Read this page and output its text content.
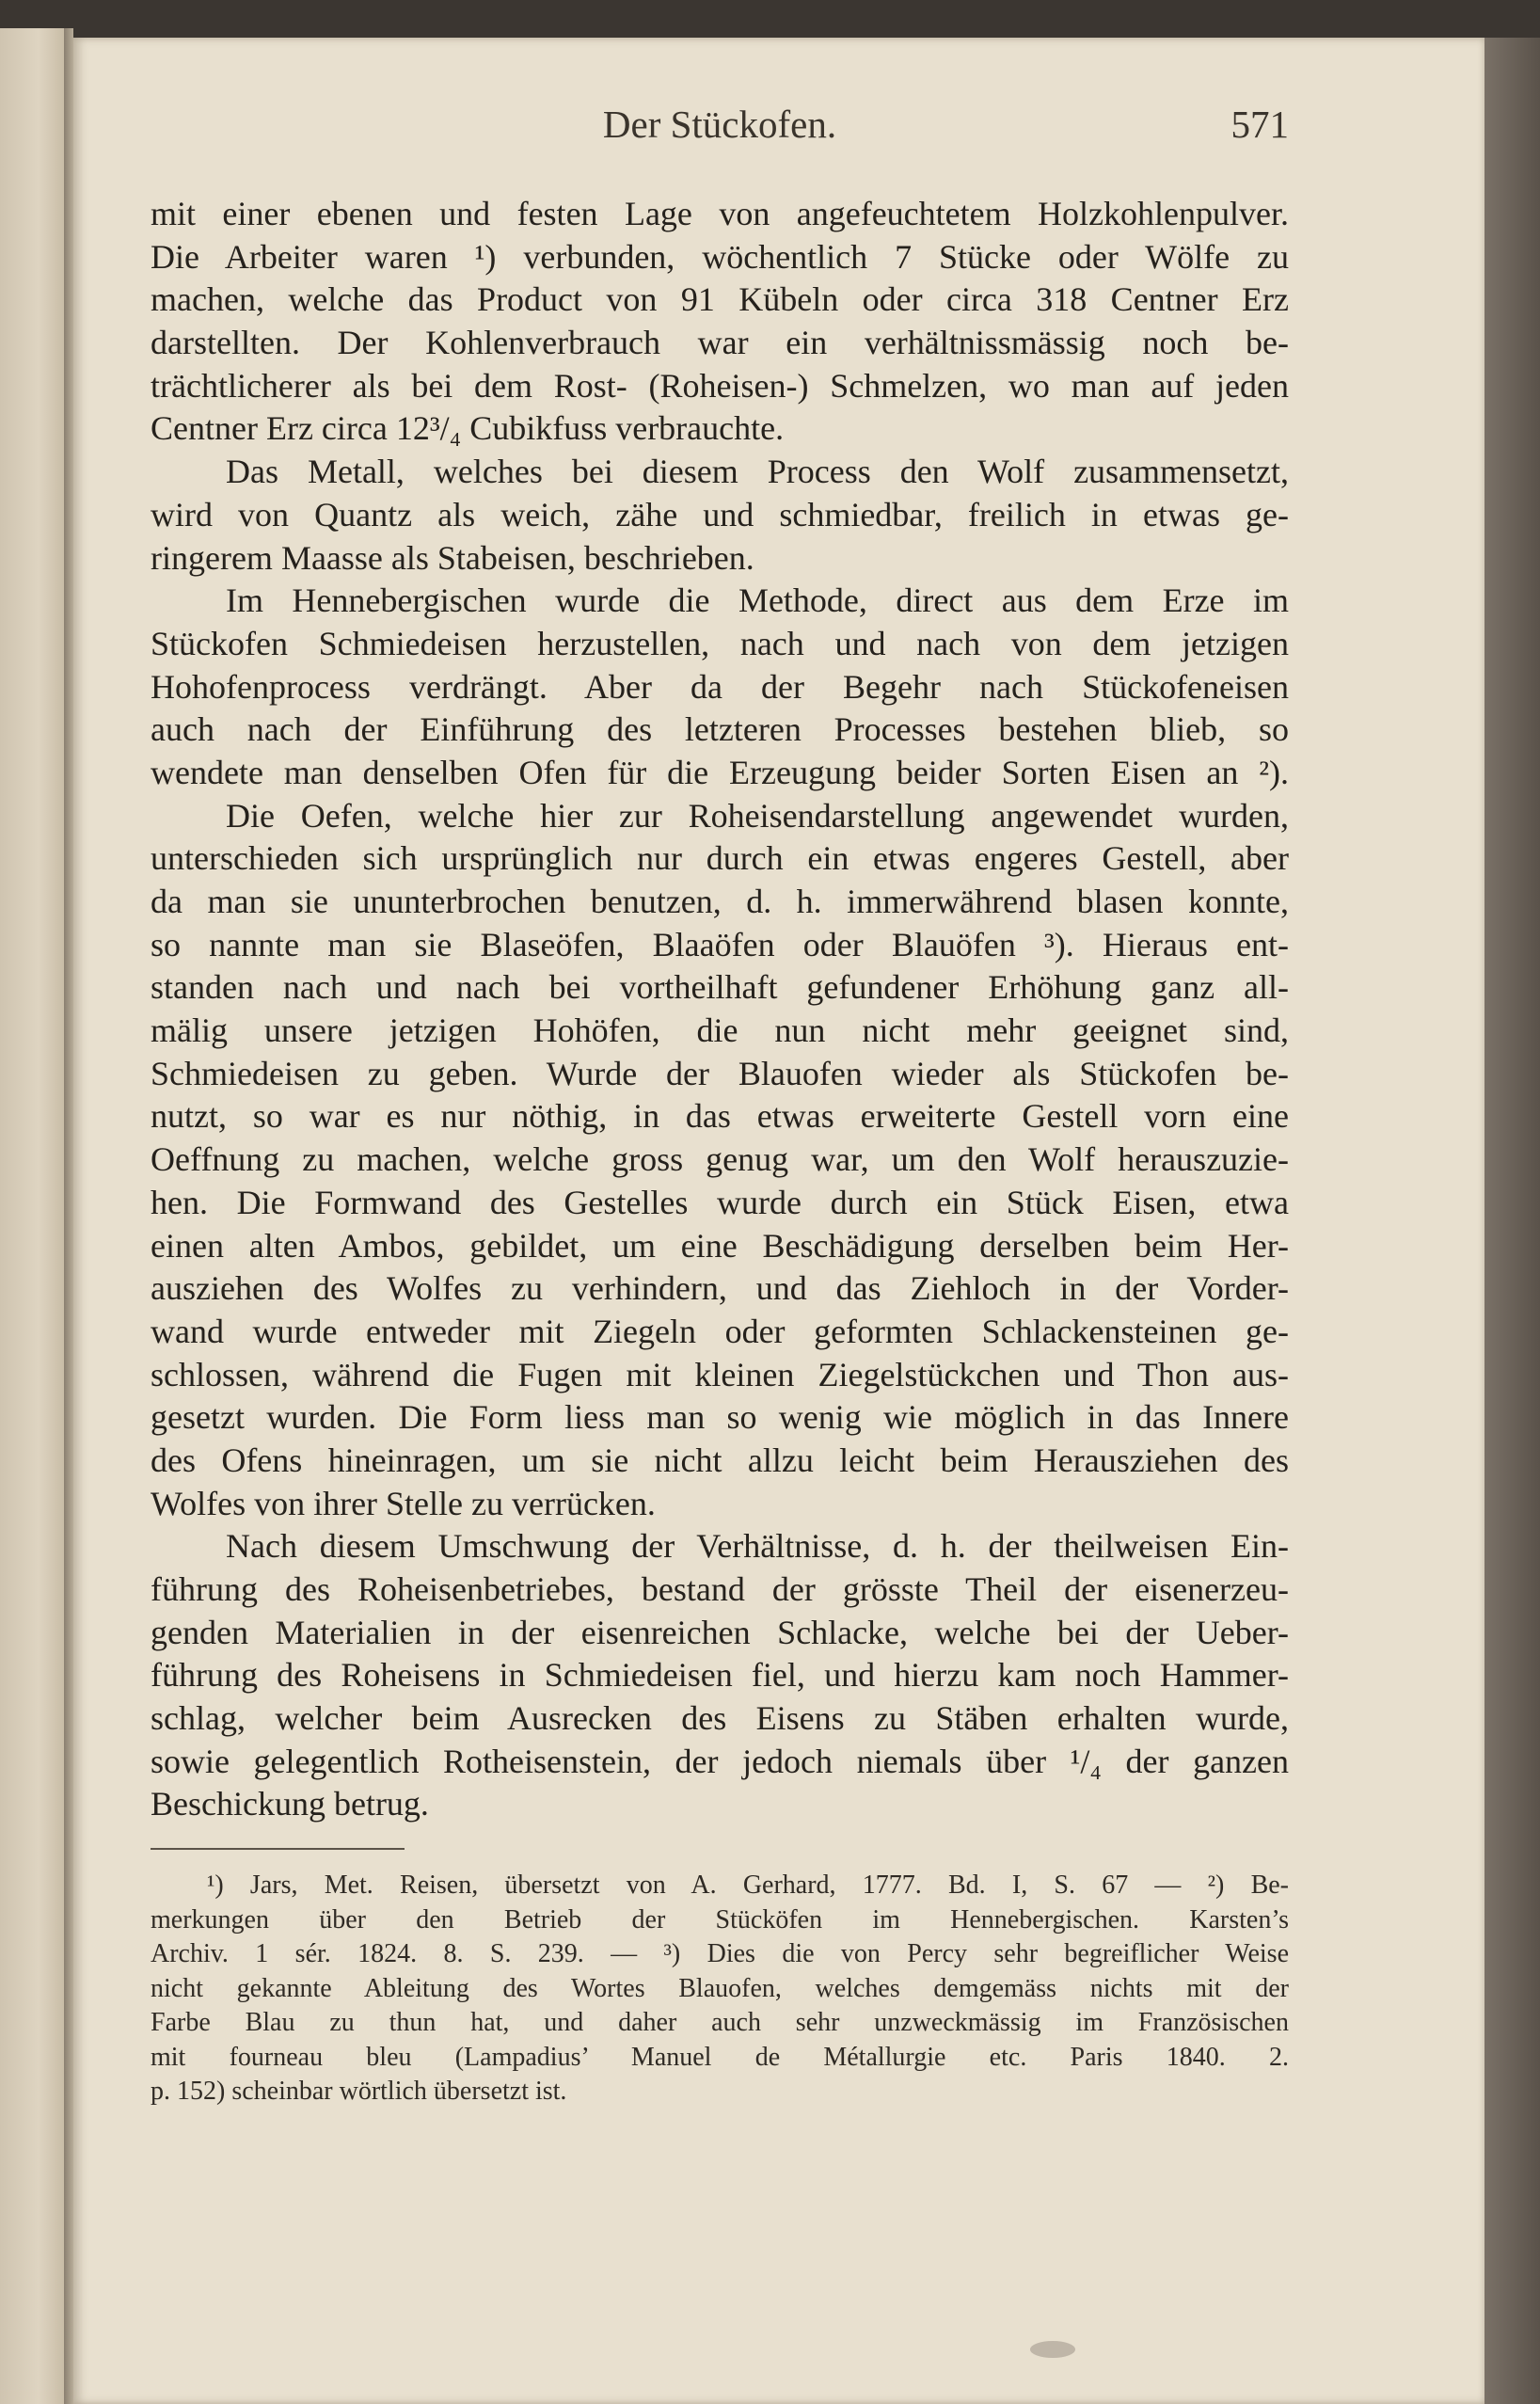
Der Stückofen.	571
mit einer ebenen und festen Lage von angefeuchtetem Holzkohlenpulver.
Die Arbeiter waren ¹) verbunden, wöchentlich 7 Stücke oder Wölfe zu
machen, welche das Product von 91 Kübeln oder circa 318 Centner Erz
darstellten. Der Kohlenverbrauch war ein verhältnissmässig noch be-
trächtlicherer als bei dem Rost- (Roheisen-) Schmelzen, wo man auf jeden
Centner Erz circa 12³/₄ Cubikfuss verbrauchte.
Das Metall, welches bei diesem Process den Wolf zusammensetzt,
wird von Quantz als weich, zähe und schmiedbar, freilich in etwas ge-
ringerem Maasse als Stabeisen, beschrieben.
Im Hennebergischen wurde die Methode, direct aus dem Erze im
Stückofen Schmiedeisen herzustellen, nach und nach von dem jetzigen
Hohofenprocess verdrängt. Aber da der Begehr nach Stückofeneisen
auch nach der Einführung des letzteren Processes bestehen blieb, so
wendete man denselben Ofen für die Erzeugung beider Sorten Eisen an ²).
Die Oefen, welche hier zur Roheisendarstellung angewendet wurden,
unterschieden sich ursprünglich nur durch ein etwas engeres Gestell, aber
da man sie ununterbrochen benutzen, d. h. immerwährend blasen konnte,
so nannte man sie Blaseöfen, Blaaöfen oder Blauöfen ³). Hieraus ent-
standen nach und nach bei vortheilhaft gefundener Erhöhung ganz all-
mälig unsere jetzigen Hohöfen, die nun nicht mehr geeignet sind,
Schmiedeisen zu geben. Wurde der Blauofen wieder als Stückofen be-
nutzt, so war es nur nöthig, in das etwas erweiterte Gestell vorn eine
Oeffnung zu machen, welche gross genug war, um den Wolf herauszuzie-
hen. Die Formwand des Gestelles wurde durch ein Stück Eisen, etwa
einen alten Ambos, gebildet, um eine Beschädigung derselben beim Her-
ausziehen des Wolfes zu verhindern, und das Ziehloch in der Vorder-
wand wurde entweder mit Ziegeln oder geformten Schlackensteinen ge-
schlossen, während die Fugen mit kleinen Ziegelstückchen und Thon aus-
gesetzt wurden. Die Form liess man so wenig wie möglich in das Innere
des Ofens hineinragen, um sie nicht allzu leicht beim Herausziehen des
Wolfes von ihrer Stelle zu verrücken.
Nach diesem Umschwung der Verhältnisse, d. h. der theilweisen Ein-
führung des Roheisenbetriebes, bestand der grösste Theil der eisenerzeu-
genden Materialien in der eisenreichen Schlacke, welche bei der Ueber-
führung des Roheisens in Schmiedeisen fiel, und hierzu kam noch Hammer-
schlag, welcher beim Ausrecken des Eisens zu Stäben erhalten wurde,
sowie gelegentlich Rotheisenstein, der jedoch niemals über ¹/₄ der ganzen
Beschickung betrug.
¹) Jars, Met. Reisen, übersetzt von A. Gerhard, 1777. Bd. I, S. 67 — ²) Be-
merkungen über den Betrieb der Stücköfen im Hennebergischen. Karsten’s
Archiv. 1 sér. 1824. 8. S. 239. — ³) Dies die von Percy sehr begreiflicher Weise
nicht gekannte Ableitung des Wortes Blauofen, welches demgemäss nichts mit der
Farbe Blau zu thun hat, und daher auch sehr unzweckmässig im Französischen
mit fourneau bleu (Lampadius’ Manuel de Métallurgie etc. Paris 1840. 2.
p. 152) scheinbar wörtlich übersetzt ist.
